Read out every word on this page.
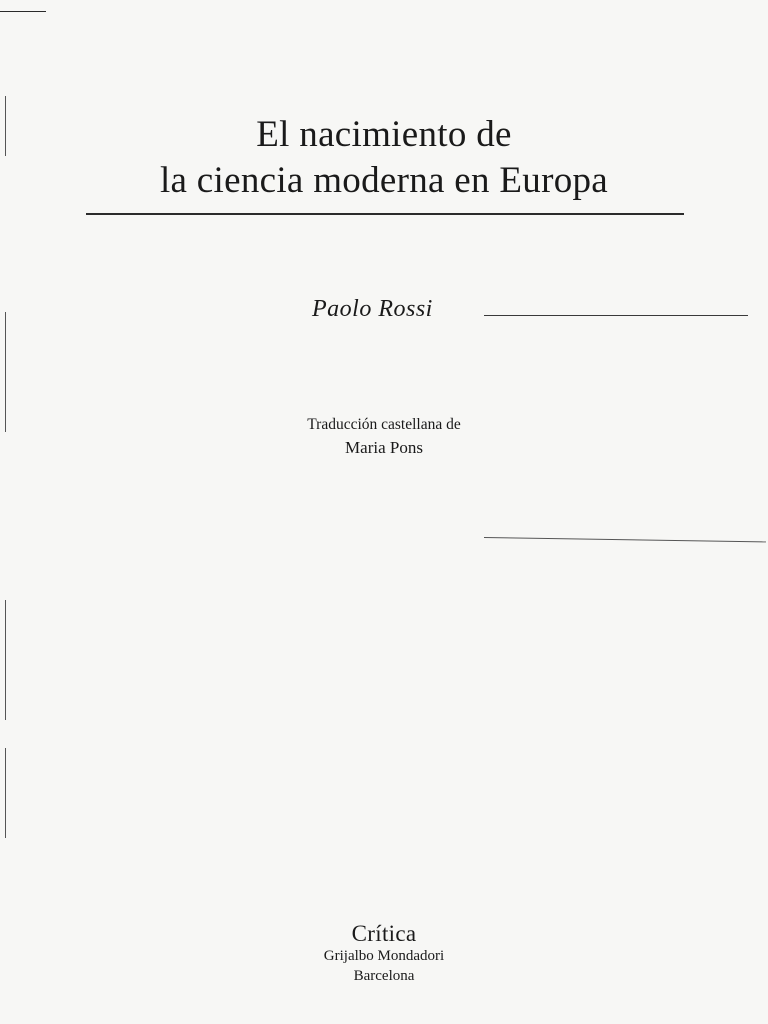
El nacimiento de
la ciencia moderna en Europa
Paolo Rossi
Traducción castellana de
Maria Pons
Crítica
Grijalbo Mondadori
Barcelona
